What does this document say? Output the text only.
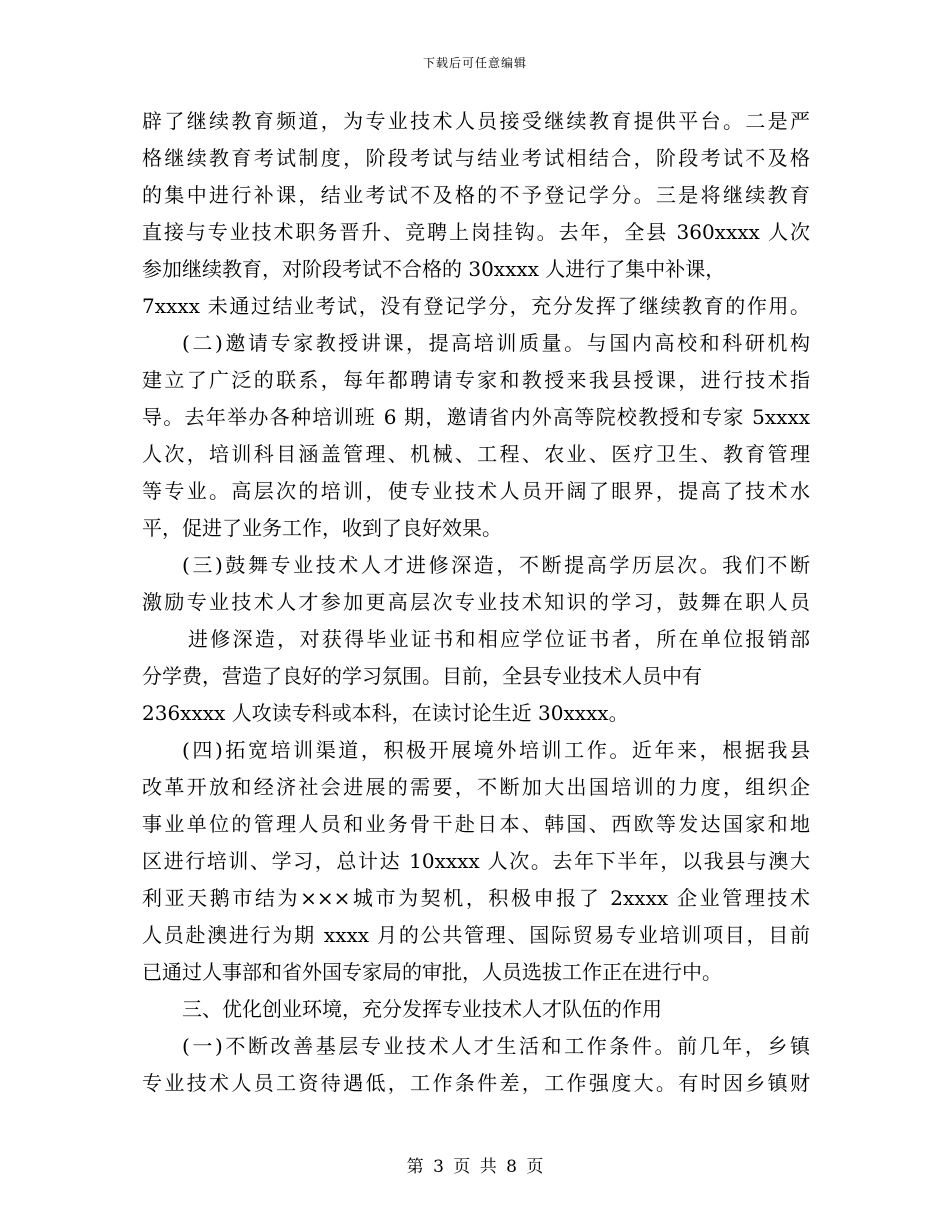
下载后可任意编辑
辟了继续教育频道，为专业技术人员接受继续教育提供平台。二是严
格继续教育考试制度，阶段考试与结业考试相结合，阶段考试不及格
的集中进行补课，结业考试不及格的不予登记学分。三是将继续教育
直接与专业技术职务晋升、竞聘上岗挂钩。去年，全县 360xxxx 人次
参加继续教育，对阶段考试不合格的 30xxxx 人进行了集中补课，
7xxxx 未通过结业考试，没有登记学分，充分发挥了继续教育的作用。
(二)邀请专家教授讲课，提高培训质量。与国内高校和科研机构
建立了广泛的联系，每年都聘请专家和教授来我县授课，进行技术指
导。去年举办各种培训班 6 期，邀请省内外高等院校教授和专家 5xxxx
人次，培训科目涵盖管理、机械、工程、农业、医疗卫生、教育管理
等专业。高层次的培训，使专业技术人员开阔了眼界，提高了技术水
平，促进了业务工作，收到了良好效果。
(三)鼓舞专业技术人才进修深造，不断提高学历层次。我们不断
激励专业技术人才参加更高层次专业技术知识的学习，鼓舞在职人员
进修深造，对获得毕业证书和相应学位证书者，所在单位报销部
分学费，营造了良好的学习氛围。目前，全县专业技术人员中有
236xxxx 人攻读专科或本科，在读讨论生近 30xxxx。
(四)拓宽培训渠道，积极开展境外培训工作。近年来，根据我县
改革开放和经济社会进展的需要，不断加大出国培训的力度，组织企
事业单位的管理人员和业务骨干赴日本、韩国、西欧等发达国家和地
区进行培训、学习，总计达 10xxxx 人次。去年下半年，以我县与澳大
利亚天鹅市结为×××城市为契机，积极申报了 2xxxx 企业管理技术
人员赴澳进行为期 xxxx 月的公共管理、国际贸易专业培训项目，目前
已通过人事部和省外国专家局的审批，人员选拔工作正在进行中。
三、优化创业环境，充分发挥专业技术人才队伍的作用
(一)不断改善基层专业技术人才生活和工作条件。前几年，乡镇
专业技术人员工资待遇低，工作条件差，工作强度大。有时因乡镇财
第 3 页 共 8 页
